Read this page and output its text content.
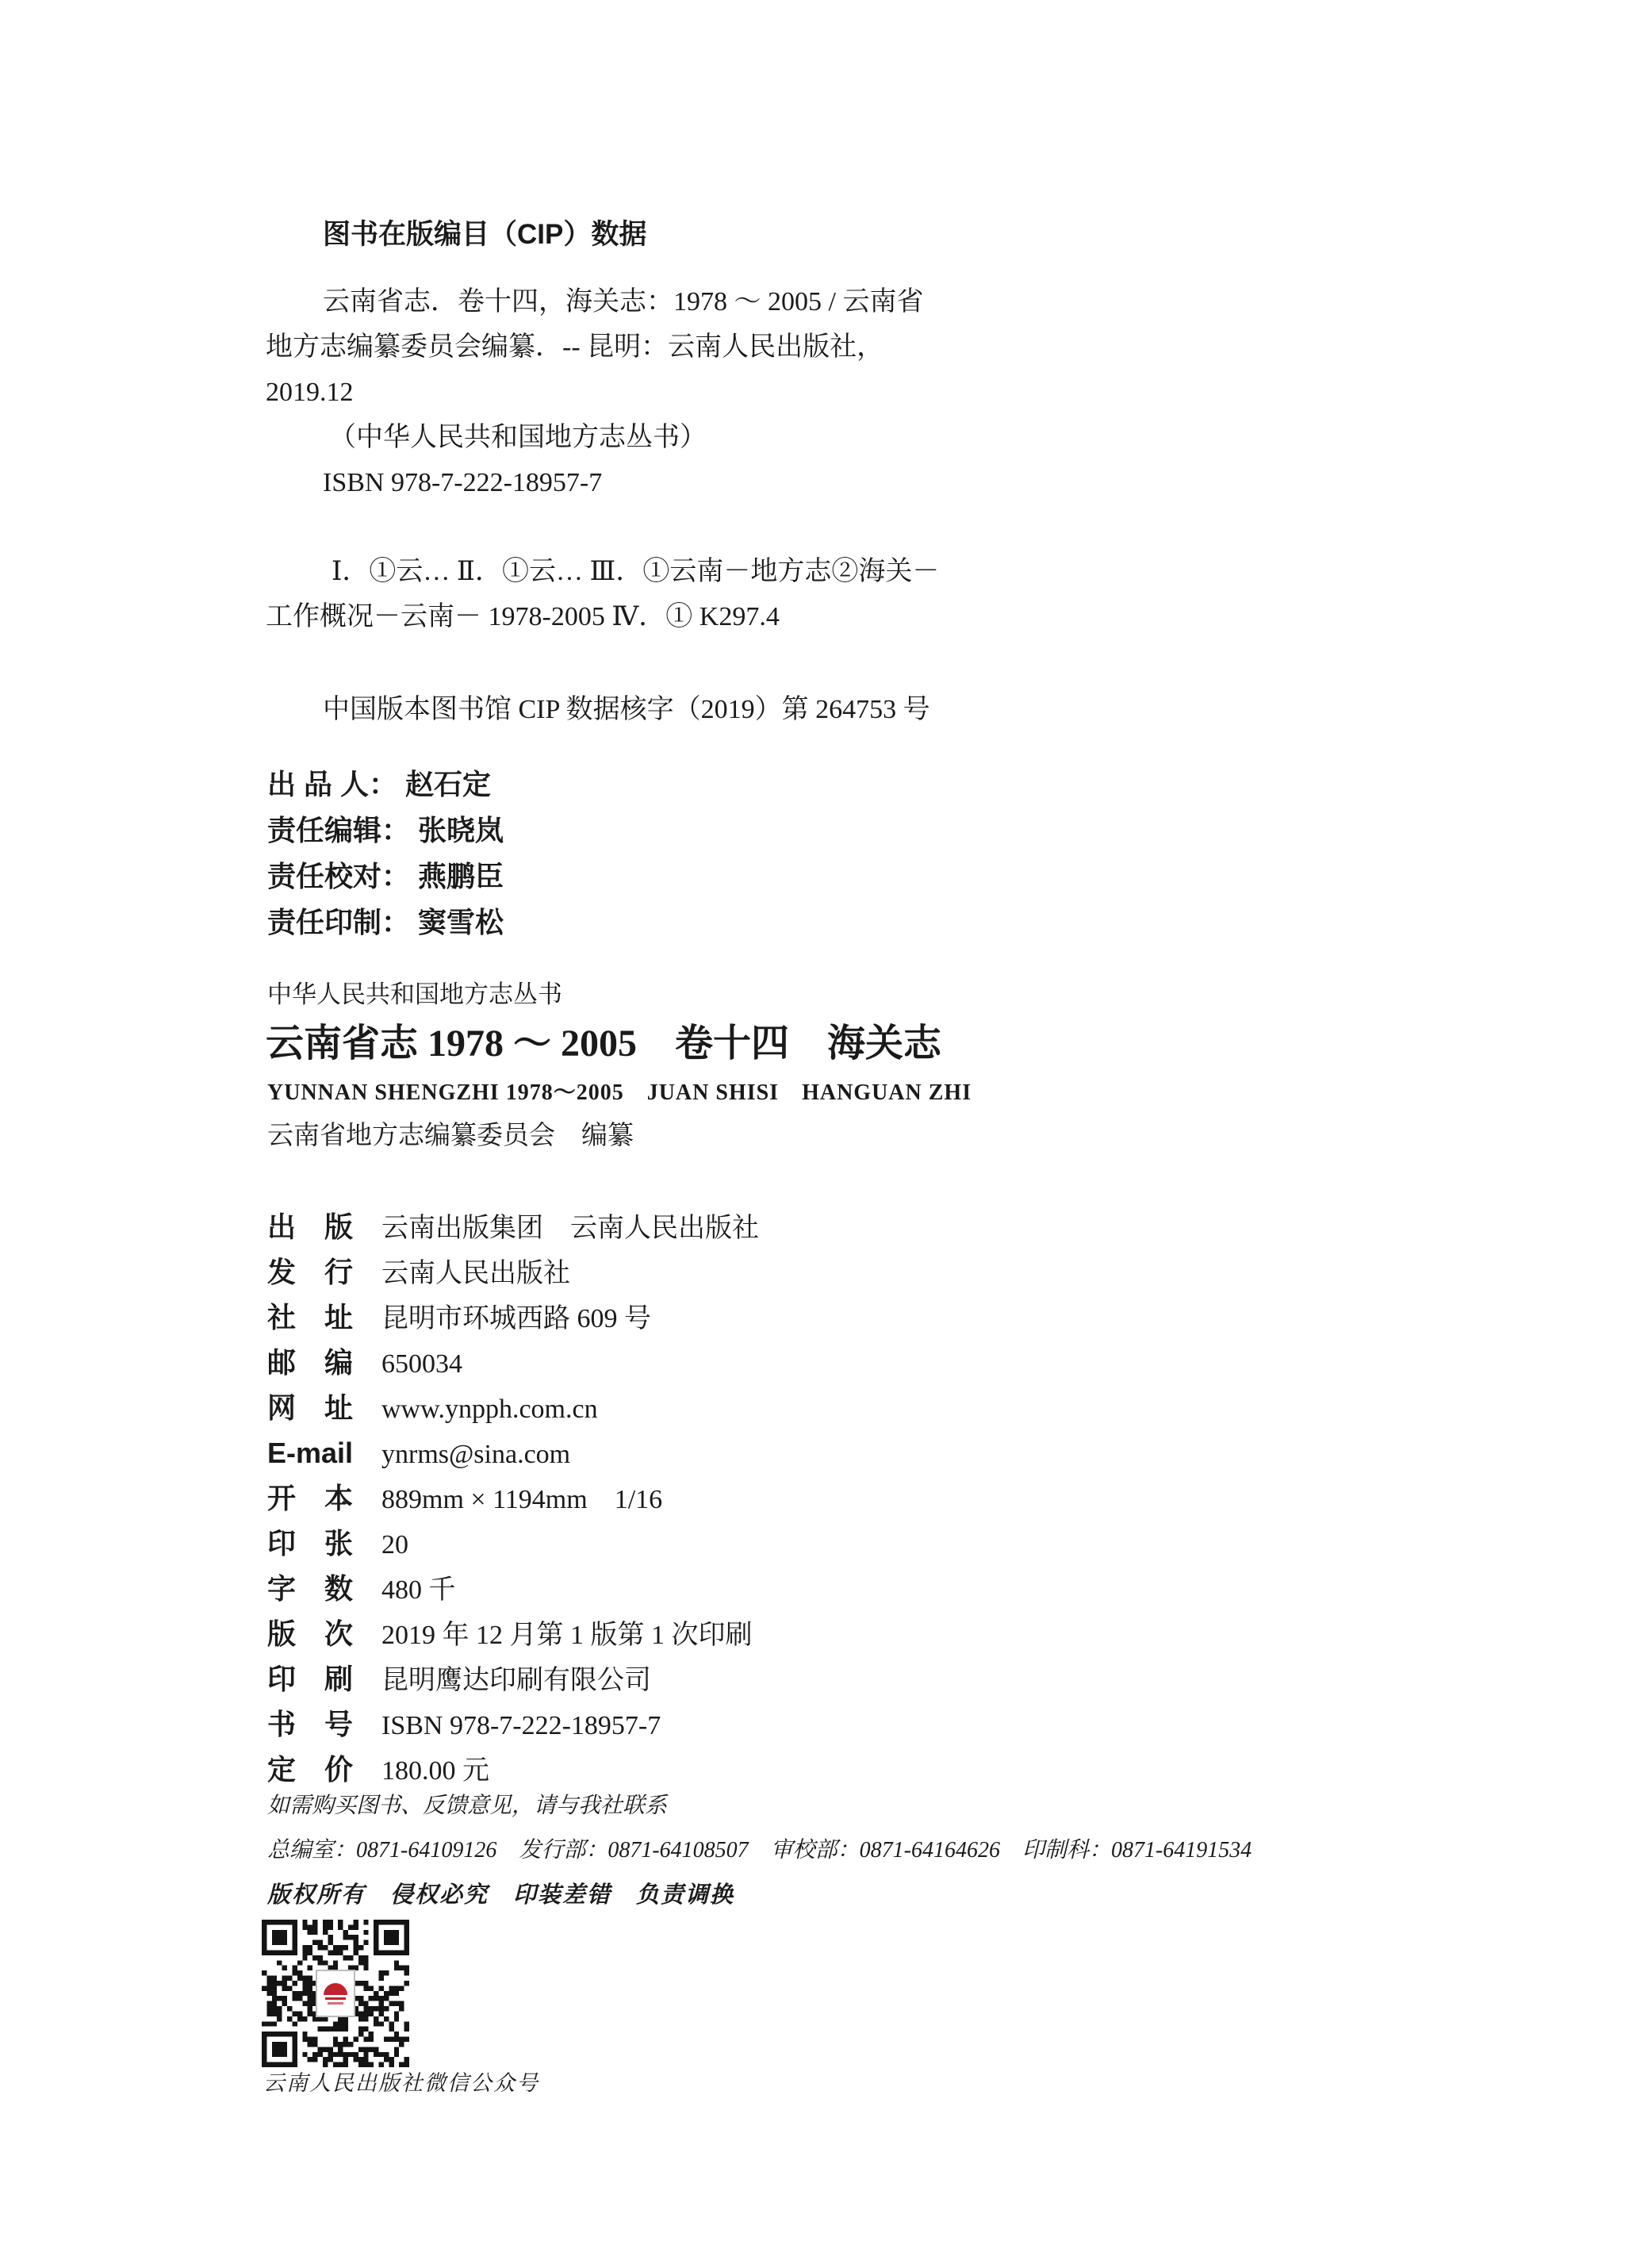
图书在版编目（CIP）数据
云南省志．卷十四，海关志：1978 ～ 2005 / 云南省
地方志编纂委员会编纂．-- 昆明：云南人民出版社，
2019.12
（中华人民共和国地方志丛书）
ISBN 978-7-222-18957-7
Ⅰ．①云… Ⅱ．①云… Ⅲ．①云南－地方志②海关－
工作概况－云南－ 1978-2005 Ⅳ．① K297.4
中国版本图书馆 CIP 数据核字（2019）第 264753 号
出 品 人： 赵石定
责任编辑： 张晓岚
责任校对： 燕鹏臣
责任印制： 窦雪松
中华人民共和国地方志丛书
云南省志 1978 ～ 2005　卷十四　海关志
YUNNAN SHENGZHI 1978～2005　JUAN SHISI　HANGUAN ZHI
云南省地方志编纂委员会　编纂
出　版 云南出版集团　云南人民出版社
发　行 云南人民出版社
社　址 昆明市环城西路 609 号
邮　编 650034
网　址 www.ynpph.com.cn
E-mail ynrms@sina.com
开　本 889mm × 1194mm　1/16
印　张 20
字　数 480 千
版　次 2019 年 12 月第 1 版第 1 次印刷
印　刷 昆明鹰达印刷有限公司
书　号 ISBN 978-7-222-18957-7
定　价 180.00 元
如需购买图书、反馈意见，请与我社联系
总编室：0871-64109126　发行部：0871-64108507　审校部：0871-64164626　印制科：0871-64191534
版权所有　侵权必究　印装差错　负责调换
云南人民出版社微信公众号
